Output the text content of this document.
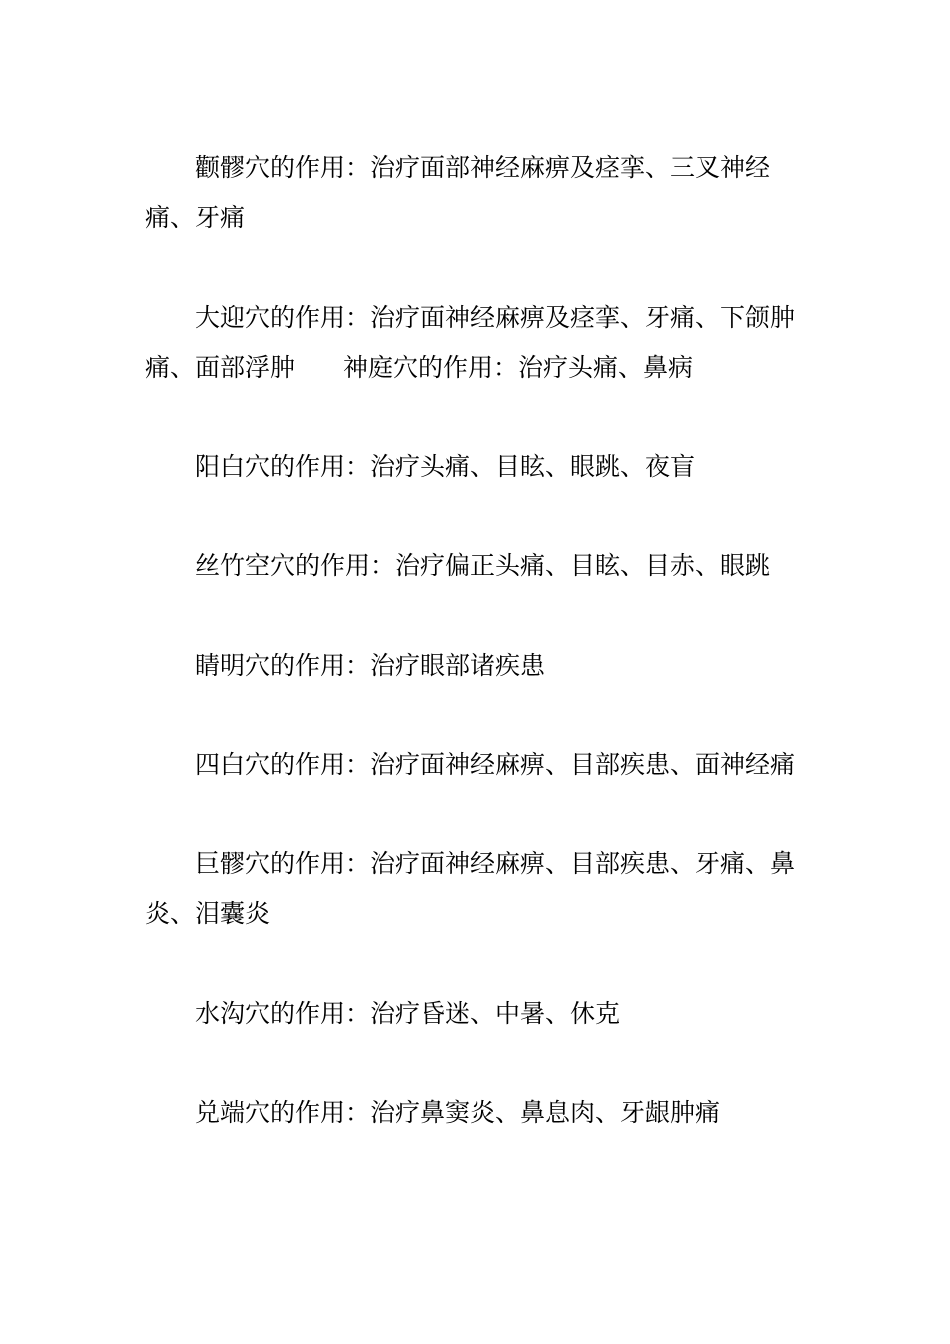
颧髎穴的作用：治疗面部神经麻痹及痉挛、三叉神经痛、牙痛

大迎穴的作用：治疗面神经麻痹及痉挛、牙痛、下颌肿痛、面部浮肿 神庭穴的作用：治疗头痛、鼻病

阳白穴的作用：治疗头痛、目眩、眼跳、夜盲

丝竹空穴的作用：治疗偏正头痛、目眩、目赤、眼跳

睛明穴的作用：治疗眼部诸疾患

四白穴的作用：治疗面神经麻痹、目部疾患、面神经痛

巨髎穴的作用：治疗面神经麻痹、目部疾患、牙痛、鼻炎、泪囊炎

水沟穴的作用：治疗昏迷、中暑、休克

兑端穴的作用：治疗鼻窦炎、鼻息肉、牙龈肿痛
